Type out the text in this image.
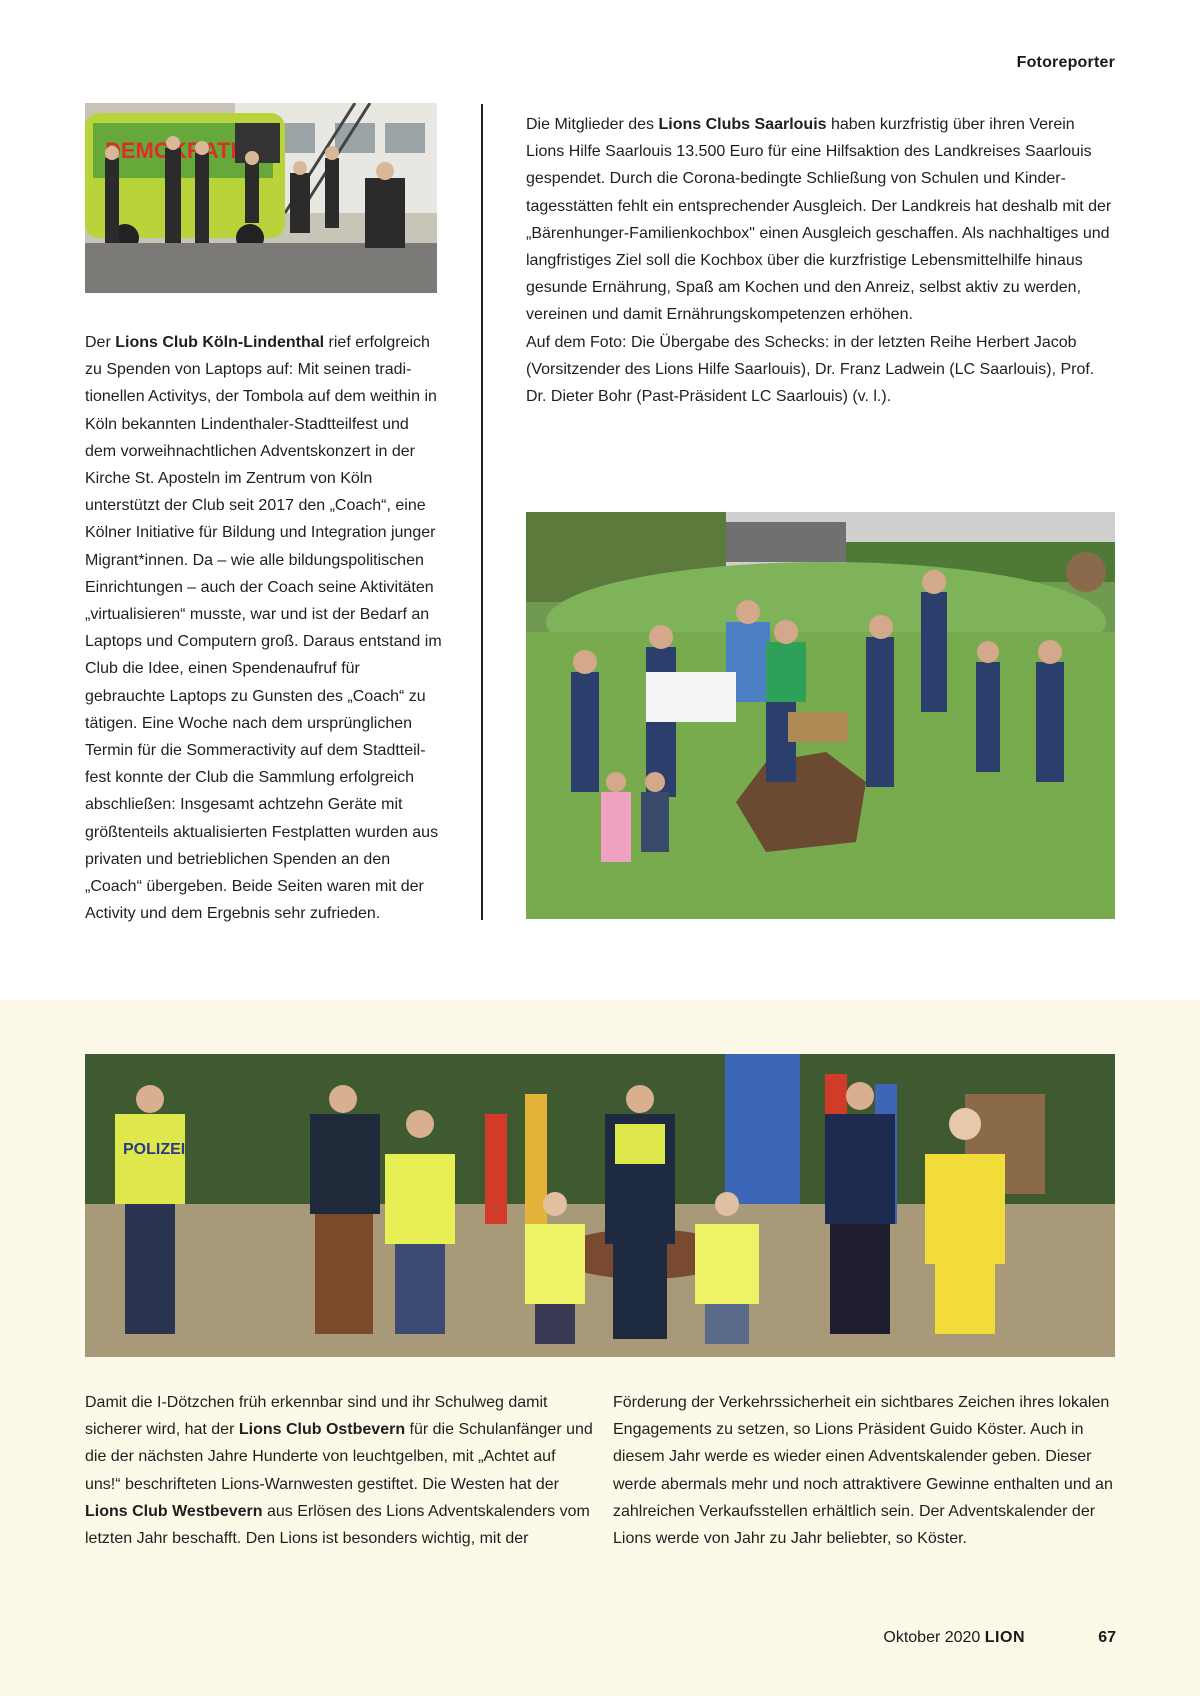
Fotoreporter

Der Lions Club Köln-Lindenthal rief erfolgreich zu Spenden von Laptops auf: Mit seinen traditionellen Activitys, der Tombola auf dem weithin in Köln bekannten Lindenthaler-Stadtteilfest und dem vorweihnachtlichen Adventskonzert in der Kirche St. Aposteln im Zentrum von Köln unterstützt der Club seit 2017 den „Coach“, eine Kölner Initiative für Bildung und Integration junger Migrant*innen. Da – wie alle bildungspolitischen Einrichtungen – auch der Coach seine Aktivitäten „virtualisieren“ musste, war und ist der Bedarf an Laptops und Computern groß. Daraus entstand im Club die Idee, einen Spendenaufruf für gebrauchte Laptops zu Gunsten des „Coach“ zu tätigen. Eine Woche nach dem ursprünglichen Termin für die Sommeractivity auf dem Stadtteilfest konnte der Club die Sammlung erfolgreich abschließen: Insgesamt achtzehn Geräte mit größtenteils aktualisierten Festplatten wurden aus privaten und betrieblichen Spenden an den „Coach“ übergeben. Beide Seiten waren mit der Activity und dem Ergebnis sehr zufrieden.

Die Mitglieder des Lions Clubs Saarlouis haben kurzfristig über ihren Verein Lions Hilfe Saarlouis 13.500 Euro für eine Hilfsaktion des Landkreises Saarlouis gespendet. Durch die Corona-bedingte Schließung von Schulen und Kindertagesstätten fehlt ein entsprechender Ausgleich. Der Landkreis hat deshalb mit der „Bärenhunger-Familienkochbox" einen Ausgleich geschaffen. Als nachhaltiges und langfristiges Ziel soll die Kochbox über die kurzfristige Lebensmittelhilfe hinaus gesunde Ernährung, Spaß am Kochen und den Anreiz, selbst aktiv zu werden, vereinen und damit Ernährungskompetenzen erhöhen.

Auf dem Foto: Die Übergabe des Schecks: in der letzten Reihe Herbert Jacob (Vorsitzender des Lions Hilfe Saarlouis), Dr. Franz Ladwein (LC Saarlouis), Prof. Dr. Dieter Bohr (Past-Präsident LC Saarlouis) (v. l.).

POLIZEI

Damit die I-Dötzchen früh erkennbar sind und ihr Schulweg damit sicherer wird, hat der Lions Club Ostbevern für die Schulanfänger und die der nächsten Jahre Hunderte von leuchtgelben, mit „Achtet auf uns!“ beschrifteten Lions-Warnwesten gestiftet. Die Westen hat der Lions Club Westbevern aus Erlösen des Lions Adventskalenders vom letzten Jahr beschafft. Den Lions ist besonders wichtig, mit der

Förderung der Verkehrssicherheit ein sichtbares Zeichen ihres lokalen Engagements zu setzen, so Lions Präsident Guido Köster. Auch in diesem Jahr werde es wieder einen Adventskalender geben. Dieser werde abermals mehr und noch attraktivere Gewinne enthalten und an zahlreichen Verkaufsstellen erhältlich sein. Der Adventskalender der Lions werde von Jahr zu Jahr beliebter, so Köster.

Oktober 2020 LION	67
